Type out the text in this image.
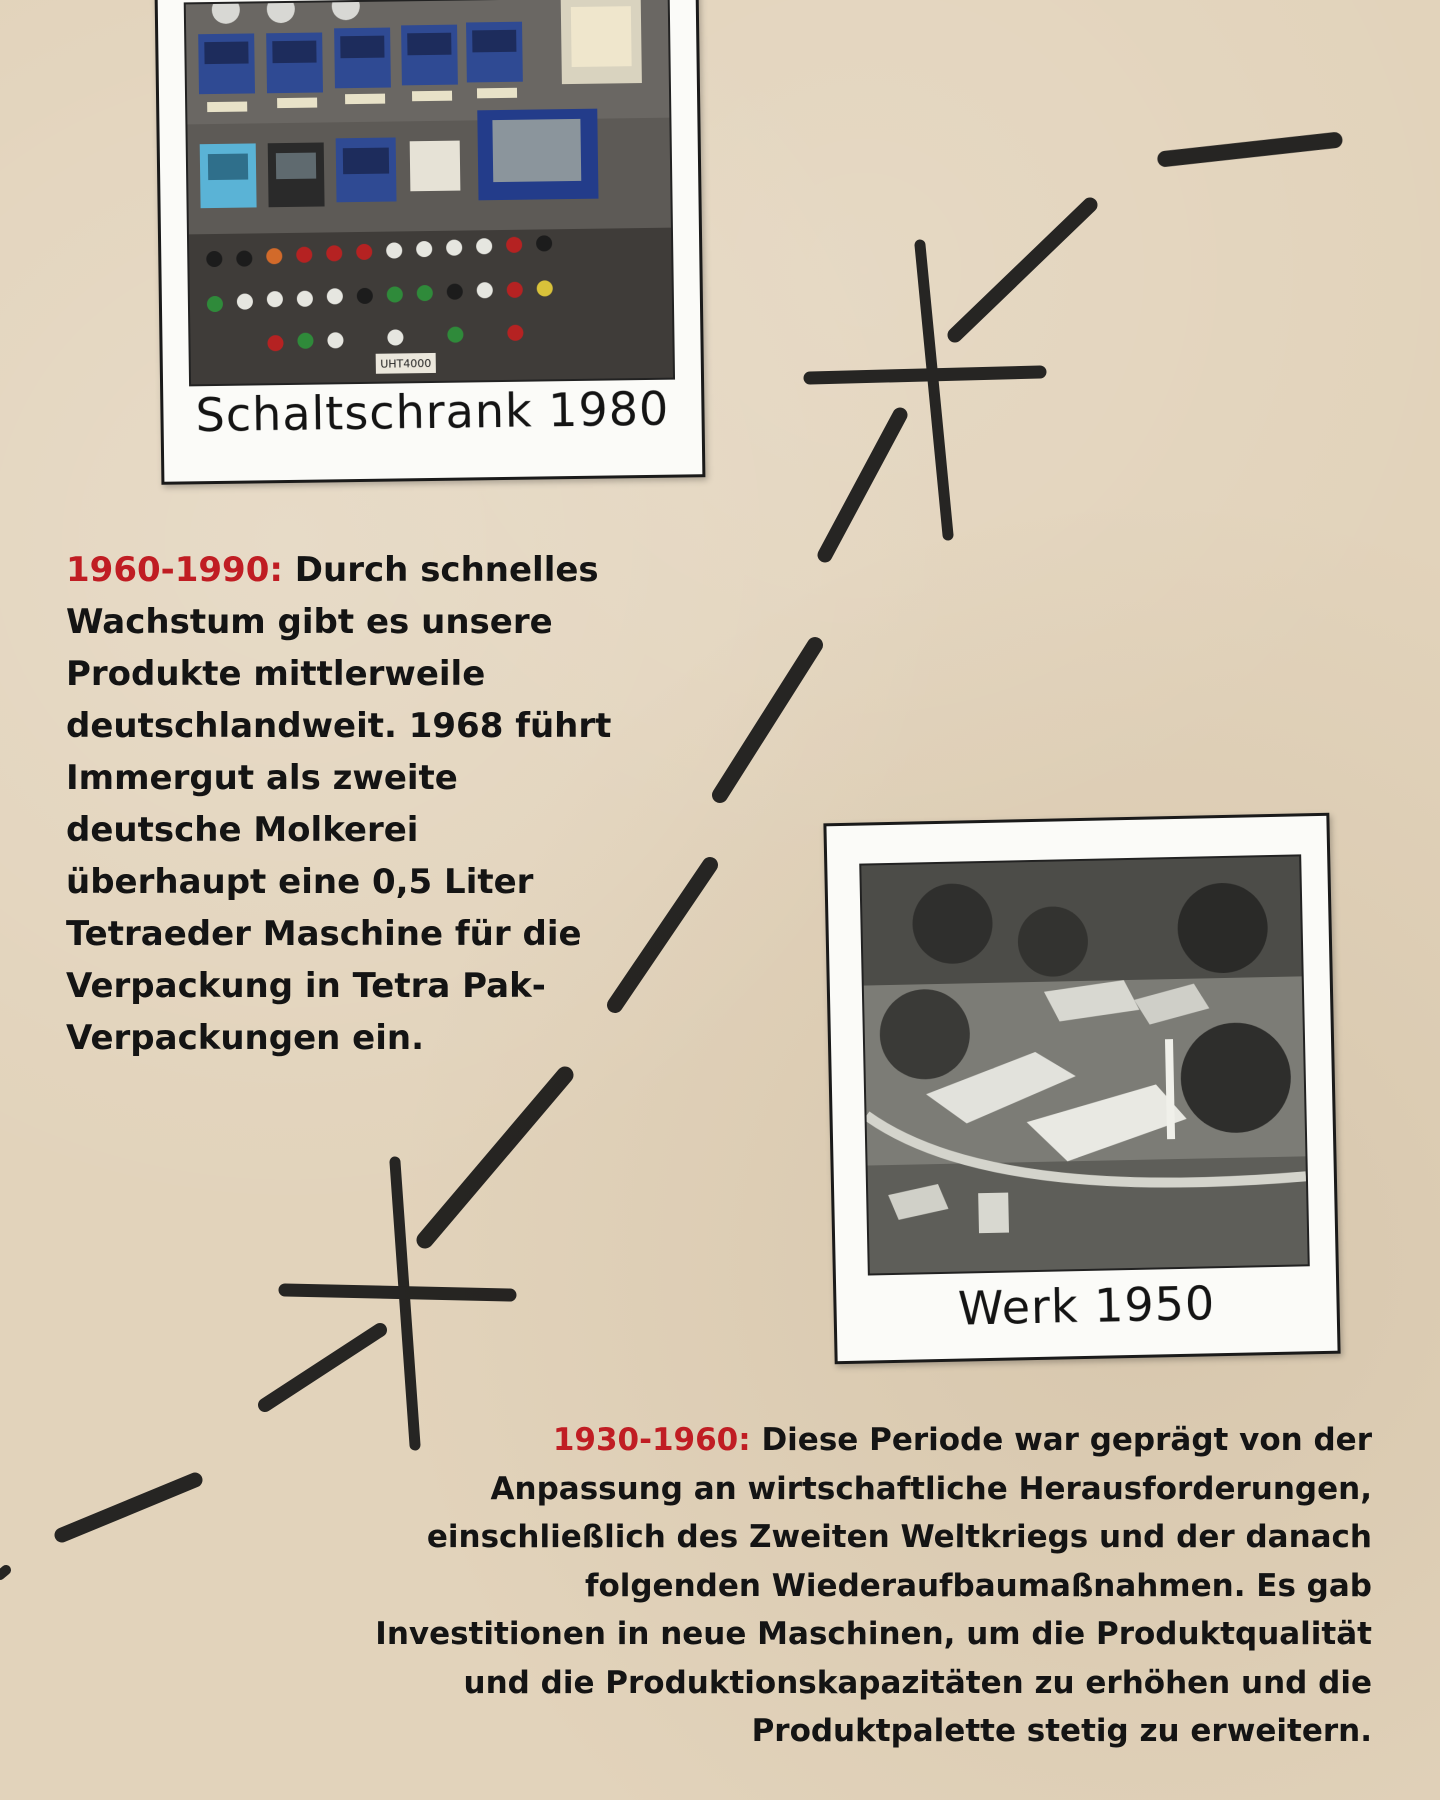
UHT4000
Schaltschrank 1980
Werk 1950
1960-1990: Durch schnelles Wachstum gibt es unsere Produkte mittlerweile deutschlandweit. 1968 führt Immergut als zweite deutsche Molkerei überhaupt eine 0,5 Liter Tetraeder Maschine für die Verpackung in Tetra Pak-Verpackungen ein.
1930-1960: Diese Periode war geprägt von der Anpassung an wirtschaftliche Herausforderungen, einschließlich des Zweiten Weltkriegs und der danach folgenden Wiederaufbaumaßnahmen. Es gab Investitionen in neue Maschinen, um die Produktqualität und die Produktionskapazitäten zu erhöhen und die Produktpalette stetig zu erweitern.
